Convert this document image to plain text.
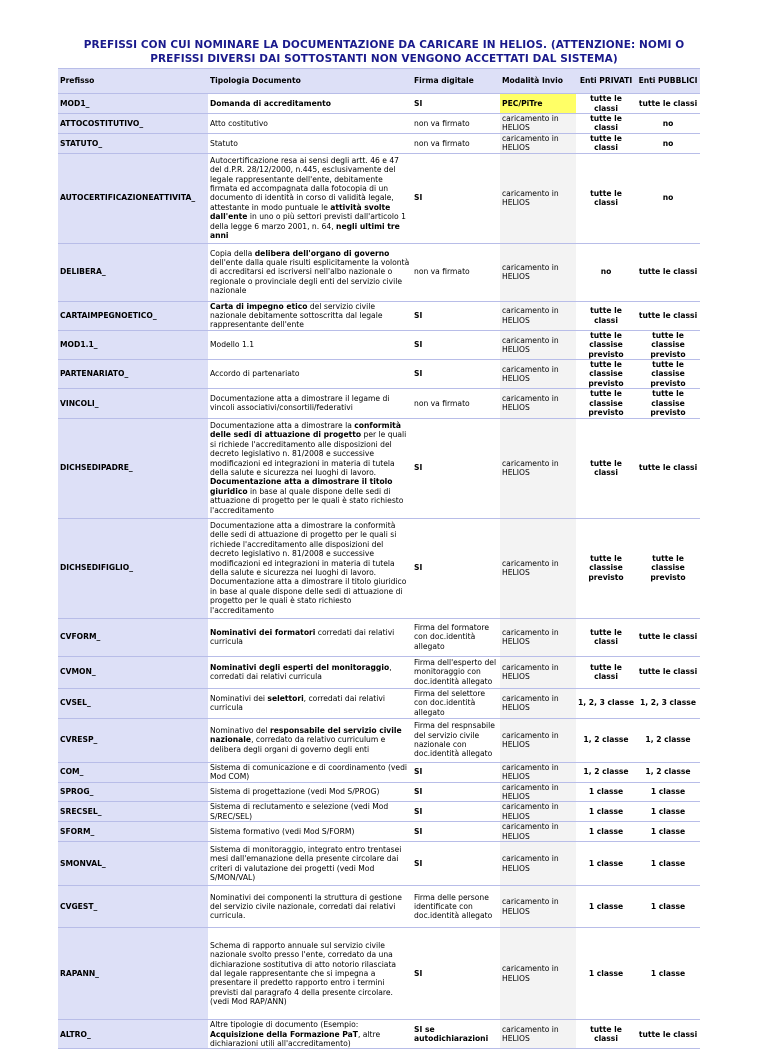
PREFISSI CON CUI NOMINARE LA DOCUMENTAZIONE DA CARICARE IN HELIOS. (ATTENZIONE: NOMI O PREFISSI DIVERSI DAI SOTTOSTANTI NON VENGONO ACCETTATI DAL SISTEMA)
Prefisso	Tipologia Documento	Firma digitale	Modalità Invio	Enti PRIVATI	Enti PUBBLICI
MOD1_	Domanda di accreditamento	SI	PEC/PiTre	tutte le classi	tutte le classi
ATTOCOSTITUTIVO_	Atto costitutivo	non va firmato	caricamento in HELIOS	tutte le classi	no
STATUTO_	Statuto	non va firmato	caricamento in HELIOS	tutte le classi	no
AUTOCERTIFICAZIONEATTIVITA_	Autocertificazione resa ai sensi degli artt. 46 e 47 del d.P.R. 28/12/2000, n.445, esclusivamente del legale rappresentante dell'ente, debitamente firmata ed accompagnata dalla fotocopia di un documento di identità in corso di validità legale, attestante in modo puntuale le attività svolte dall'ente in uno o più settori previsti dall'articolo 1 della legge 6 marzo 2001, n. 64, negli ultimi tre anni	SI	caricamento in HELIOS	tutte le classi	no
DELIBERA_	Copia della delibera dell'organo di governo dell'ente dalla quale risulti esplicitamente la volontà di accreditarsi ed iscriversi nell'albo nazionale o regionale o provinciale degli enti del servizio civile nazionale	non va firmato	caricamento in HELIOS	no	tutte le classi
CARTAIMPEGNOETICO_	Carta di impegno etico del servizio civile nazionale debitamente sottoscritta dal legale rappresentante dell'ente	SI	caricamento in HELIOS	tutte le classi	tutte le classi
MOD1.1_	Modello 1.1	SI	caricamento in HELIOS	tutte le classise previsto	tutte le classise previsto
PARTENARIATO_	Accordo di partenariato	SI	caricamento in HELIOS	tutte le classise previsto	tutte le classise previsto
VINCOLI_	Documentazione atta a dimostrare il legame di vincoli associativi/consortili/federativi	non va firmato	caricamento in HELIOS	tutte le classise previsto	tutte le classise previsto
DICHSEDIPADRE_	Documentazione atta a dimostrare la conformità delle sedi di attuazione di progetto per le quali si richiede l'accreditamento alle disposizioni del decreto legislativo n. 81/2008 e successive modificazioni ed integrazioni in materia di tutela della salute e sicurezza nei luoghi di lavoro. Documentazione atta a dimostrare il titolo giuridico in base al quale dispone delle sedi di attuazione di progetto per le quali è stato richiesto l'accreditamento	SI	caricamento in HELIOS	tutte le classi	tutte le classi
DICHSEDIFIGLIO_	Documentazione atta a dimostrare la conformità delle sedi di attuazione di progetto per le quali si richiede l'accreditamento alle disposizioni del decreto legislativo n. 81/2008 e successive modificazioni ed integrazioni in materia di tutela della salute e sicurezza nei luoghi di lavoro. Documentazione atta a dimostrare il titolo giuridico in base al quale dispone delle sedi di attuazione di progetto per le quali è stato richiesto l'accreditamento	SI	caricamento in HELIOS	tutte le classise previsto	tutte le classise previsto
CVFORM_	Nominativi dei formatori corredati dai relativi curricula	Firma del formatore con doc.identità allegato	caricamento in HELIOS	tutte le classi	tutte le classi
CVMON_	Nominativi degli esperti del monitoraggio, corredati dai relativi curricula	Firma dell'esperto del monitoraggio con doc.identità allegato	caricamento in HELIOS	tutte le classi	tutte le classi
CVSEL_	Nominativi dei selettori, corredati dai relativi curricula	Firma del selettore con doc.identità allegato	caricamento in HELIOS	1, 2, 3 classe	1, 2, 3 classe
CVRESP_	Nominativo del responsabile del servizio civile nazionale, corredato da relativo curriculum e delibera degli organi di governo degli enti	Firma del respnsabile del servizio civile nazionale con doc.identità allegato	caricamento in HELIOS	1, 2 classe	1, 2 classe
COM_	Sistema di comunicazione e di coordinamento (vedi Mod COM)	SI	caricamento in HELIOS	1, 2 classe	1, 2 classe
SPROG_	Sistema di progettazione (vedi Mod S/PROG)	SI	caricamento in HELIOS	1 classe	1 classe
SRECSEL_	Sistema di reclutamento e selezione (vedi Mod S/REC/SEL)	SI	caricamento in HELIOS	1 classe	1 classe
SFORM_	Sistema formativo (vedi Mod S/FORM)	SI	caricamento in HELIOS	1 classe	1 classe
SMONVAL_	Sistema di monitoraggio, integrato entro trentasei mesi dall'emanazione della presente circolare dai criteri di valutazione dei progetti (vedi Mod S/MON/VAL)	SI	caricamento in HELIOS	1 classe	1 classe
CVGEST_	Nominativi dei componenti la struttura di gestione del servizio civile nazionale, corredati dai relativi curricula.	Firma delle persone identificate con doc.identità allegato	caricamento in HELIOS	1 classe	1 classe
RAPANN_	Schema di rapporto annuale sul servizio civile nazionale svolto presso l'ente, corredato da una dichiarazione sostitutiva di atto notorio rilasciata dal legale rappresentante che si impegna a presentare il predetto rapporto entro i termini previsti dal paragrafo 4 della presente circolare. (vedi Mod RAP/ANN)	SI	caricamento in HELIOS	1 classe	1 classe
ALTRO_	Altre tipologie di documento (Esempio: Acquisizione della Formazione PaT, altre dichiarazioni utili all'accreditamento)	SI se autodichiarazioni	caricamento in HELIOS	tutte le classi	tutte le classi
